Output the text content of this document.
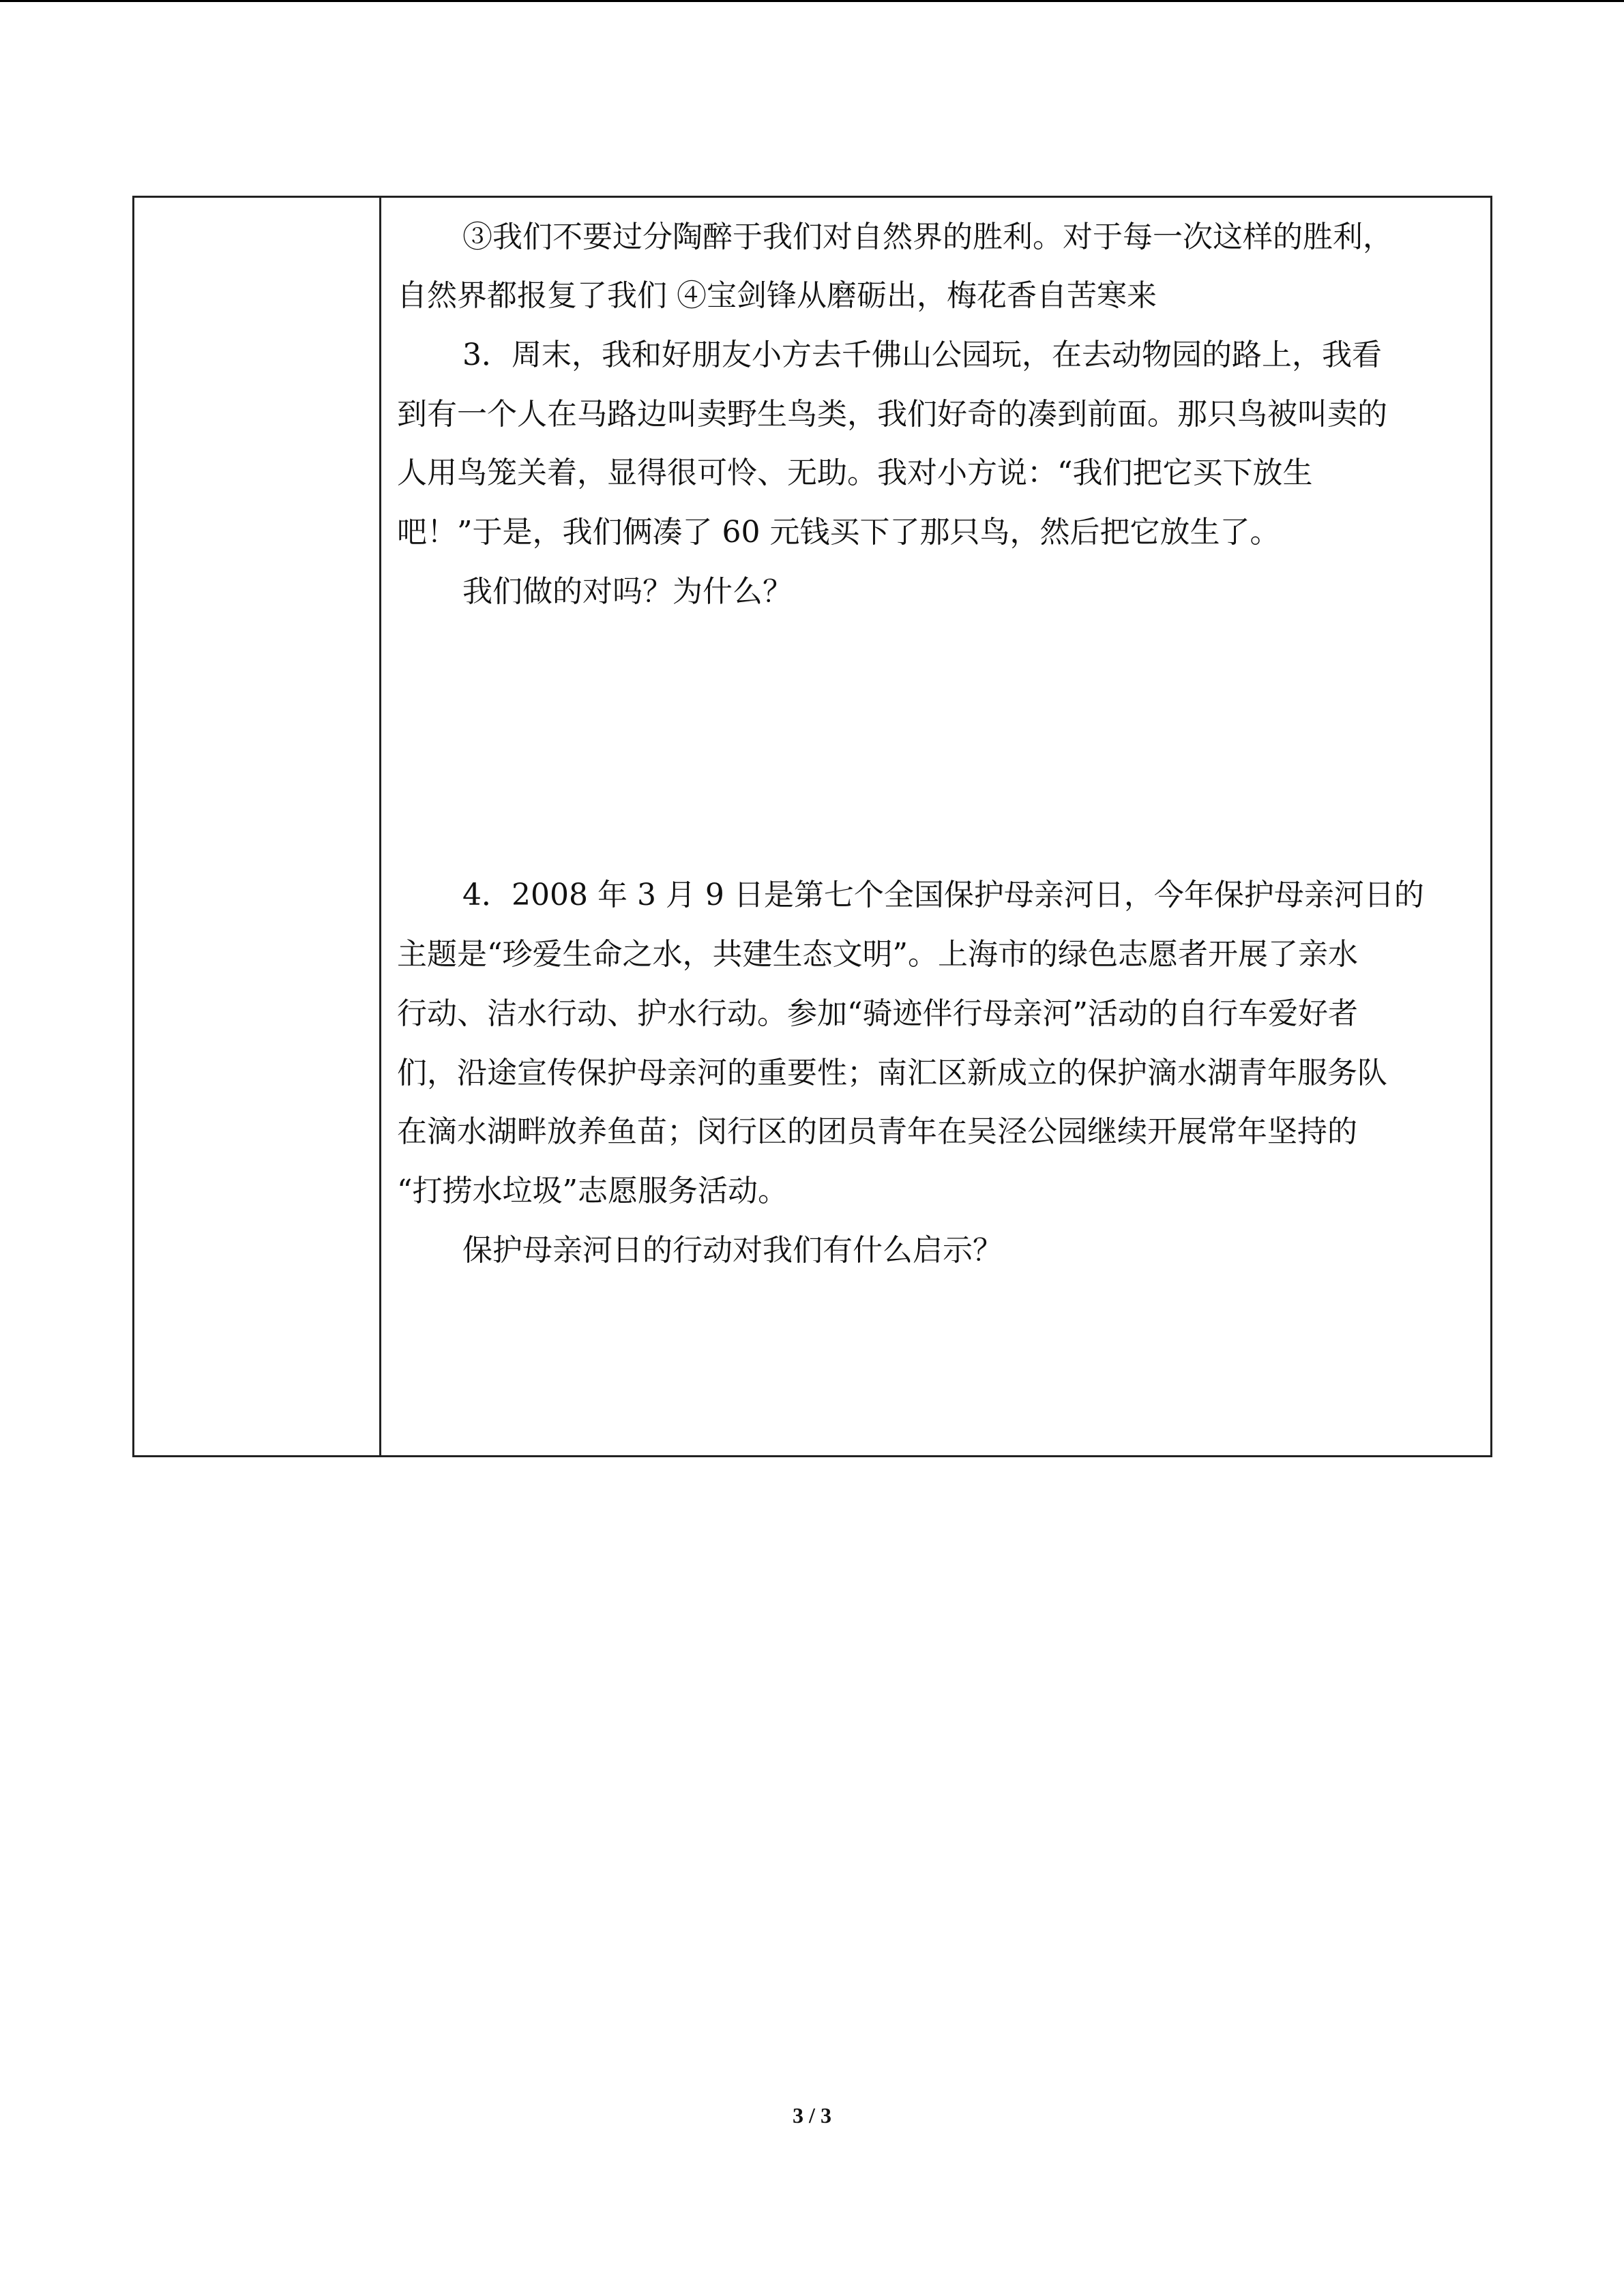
③我们不要过分陶醉于我们对自然界的胜利。对于每一次这样的胜利，
自然界都报复了我们 ④宝剑锋从磨砺出，梅花香自苦寒来
3．周末，我和好朋友小方去千佛山公园玩，在去动物园的路上，我看
到有一个人在马路边叫卖野生鸟类，我们好奇的凑到前面。那只鸟被叫卖的
人用鸟笼关着，显得很可怜、无助。我对小方说：“我们把它买下放生
吧！”于是，我们俩凑了 60 元钱买下了那只鸟，然后把它放生了。
我们做的对吗？为什么？
4．2008 年 3 月 9 日是第七个全国保护母亲河日，今年保护母亲河日的
主题是“珍爱生命之水，共建生态文明”。上海市的绿色志愿者开展了亲水
行动、洁水行动、护水行动。参加“骑迹伴行母亲河”活动的自行车爱好者
们，沿途宣传保护母亲河的重要性；南汇区新成立的保护滴水湖青年服务队
在滴水湖畔放养鱼苗；闵行区的团员青年在吴泾公园继续开展常年坚持的
“打捞水垃圾”志愿服务活动。
保护母亲河日的行动对我们有什么启示？
3 / 3
